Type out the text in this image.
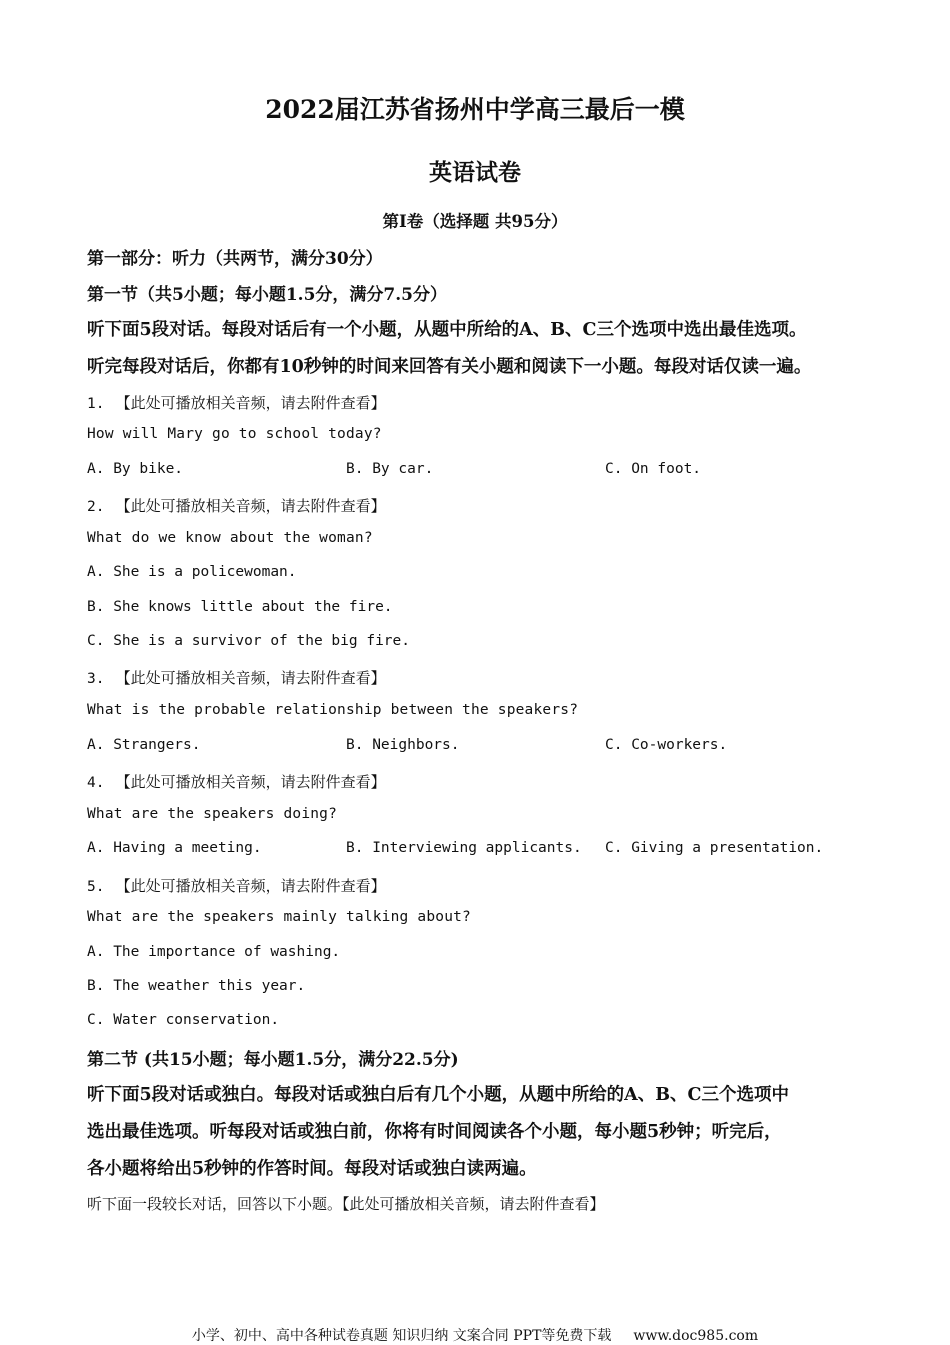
2022届江苏省扬州中学高三最后一模
英语试卷
第Ⅰ卷（选择题 共95分）
第一部分：听力（共两节，满分30分）
第一节（共5小题；每小题1.5分，满分7.5分）
听下面5段对话。每段对话后有一个小题，从题中所给的A、B、C三个选项中选出最佳选项。
听完每段对话后，你都有10秒钟的时间来回答有关小题和阅读下一小题。每段对话仅读一遍。
1. 【此处可播放相关音频，请去附件查看】
How will Mary go to school today?
A. By bike.	B. By car.	C. On foot.
2. 【此处可播放相关音频，请去附件查看】
What do we know about the woman?
A. She is a policewoman.
B. She knows little about the fire.
C. She is a survivor of the big fire.
3. 【此处可播放相关音频，请去附件查看】
What is the probable relationship between the speakers?
A. Strangers.	B. Neighbors.	C. Co-workers.
4. 【此处可播放相关音频，请去附件查看】
What are the speakers doing?
A. Having a meeting.	B. Interviewing applicants. C. Giving a presentation.
5. 【此处可播放相关音频，请去附件查看】
What are the speakers mainly talking about?
A. The importance of washing.
B. The weather this year.
C. Water conservation.
第二节 (共15小题；每小题1.5分，满分22.5分)
听下面5段对话或独白。每段对话或独白后有几个小题，从题中所给的A、B、C三个选项中
选出最佳选项。听每段对话或独白前，你将有时间阅读各个小题，每小题5秒钟；听完后，
各小题将给出5秒钟的作答时间。每段对话或独白读两遍。
听下面一段较长对话，回答以下小题。【此处可播放相关音频，请去附件查看】
小学、初中、高中各种试卷真题 知识归纳 文案合同 PPT等免费下载 www.doc985.com
